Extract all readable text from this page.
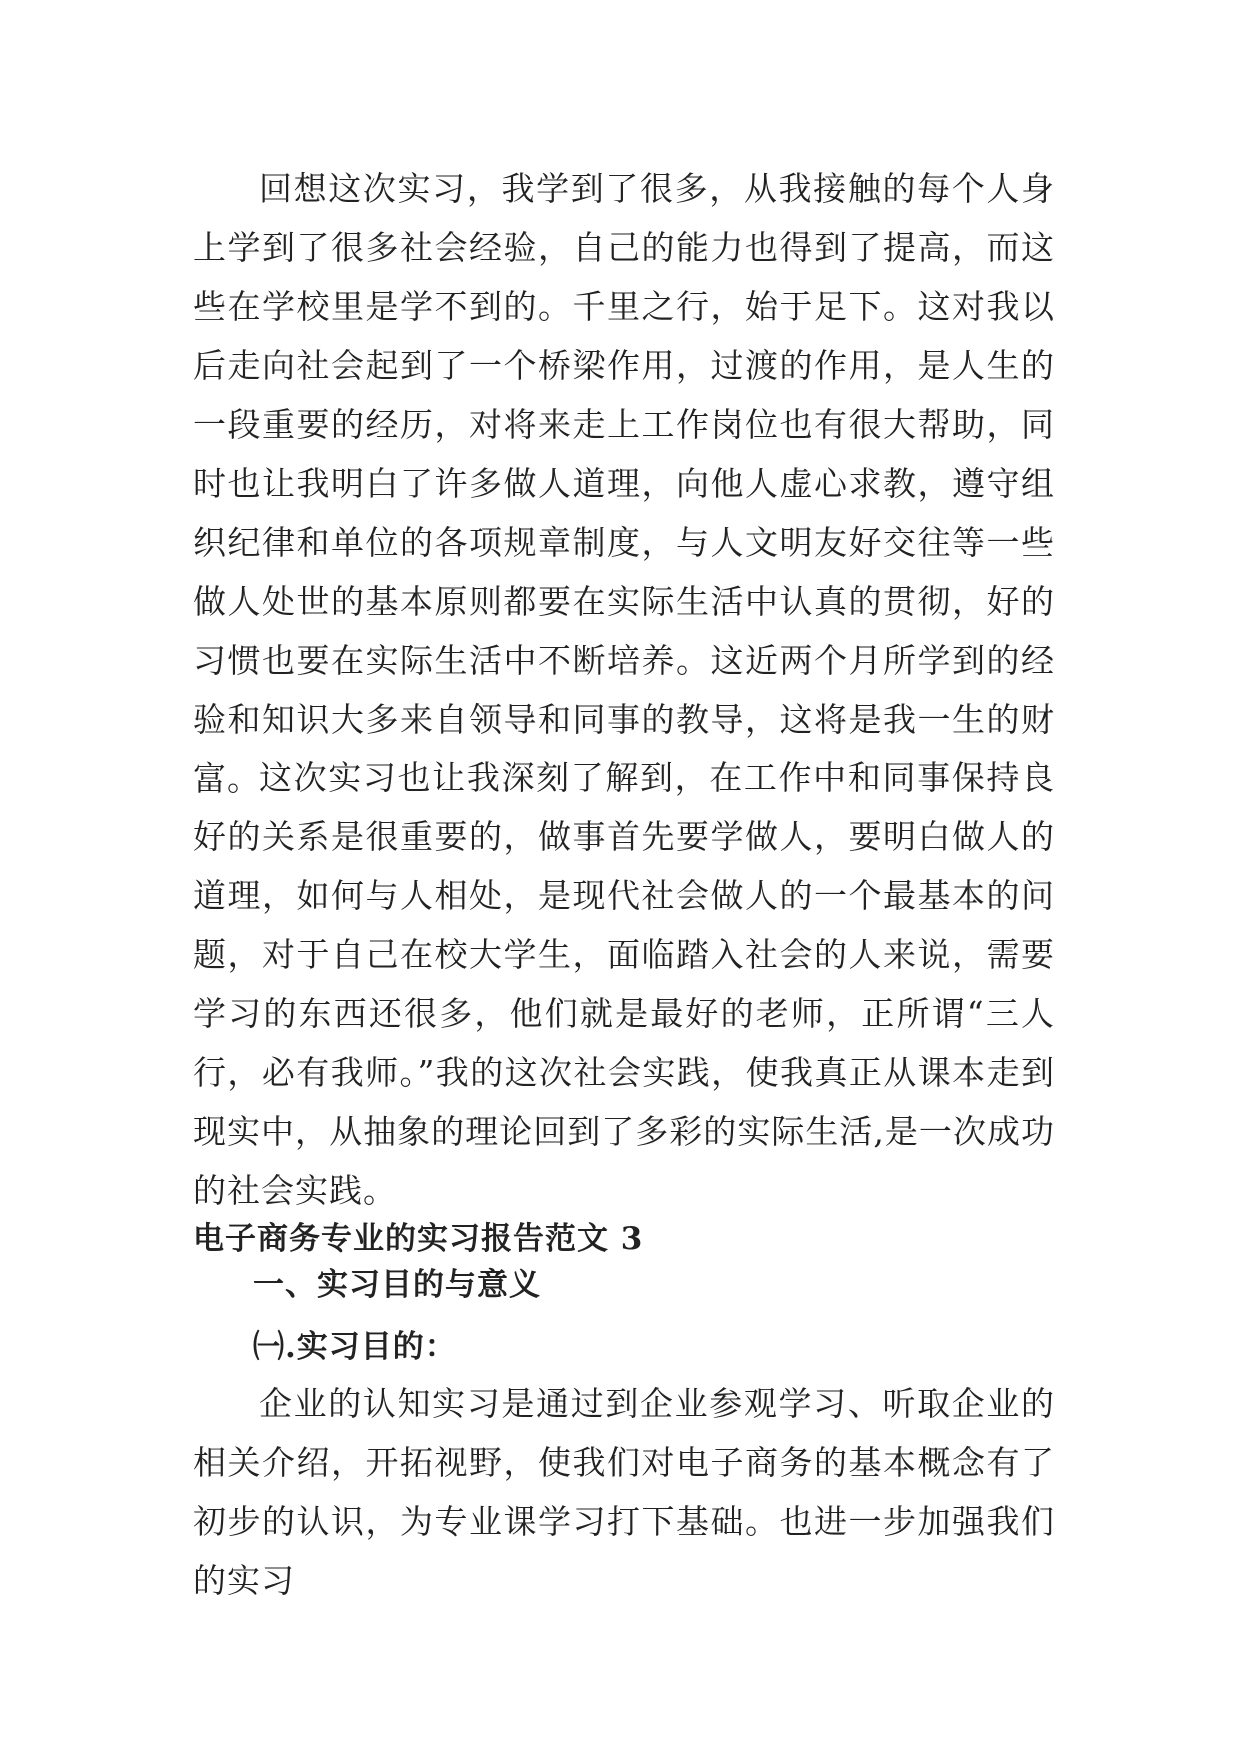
回想这次实习，我学到了很多，从我接触的每个人身上学到了很多社会经验，自己的能力也得到了提高，而这些在学校里是学不到的。千里之行，始于足下。这对我以后走向社会起到了一个桥梁作用，过渡的作用，是人生的一段重要的经历，对将来走上工作岗位也有很大帮助，同时也让我明白了许多做人道理，向他人虚心求教，遵守组织纪律和单位的各项规章制度，与人文明友好交往等一些做人处世的基本原则都要在实际生活中认真的贯彻，好的习惯也要在实际生活中不断培养。这近两个月所学到的经验和知识大多来自领导和同事的教导，这将是我一生的财富。

这次实习也让我深刻了解到，在工作中和同事保持良好的关系是很重要的，做事首先要学做人，要明白做人的道理，如何与人相处，是现代社会做人的一个最基本的问题，对于自己在校大学生，面临踏入社会的人来说，需要学习的东西还很多，他们就是最好的老师，正所谓“三人行，必有我师。”我的这次社会实践，使我真正从课本走到现实中，从抽象的理论回到了多彩的实际生活,是一次成功的社会实践。

电子商务专业的实习报告范文 3
一、实习目的与意义
㈠.实习目的：

企业的认知实习是通过到企业参观学习、听取企业的相关介绍，开拓视野，使我们对电子商务的基本概念有了初步的认识，为专业课学习打下基础。也进一步加强我们的实习
